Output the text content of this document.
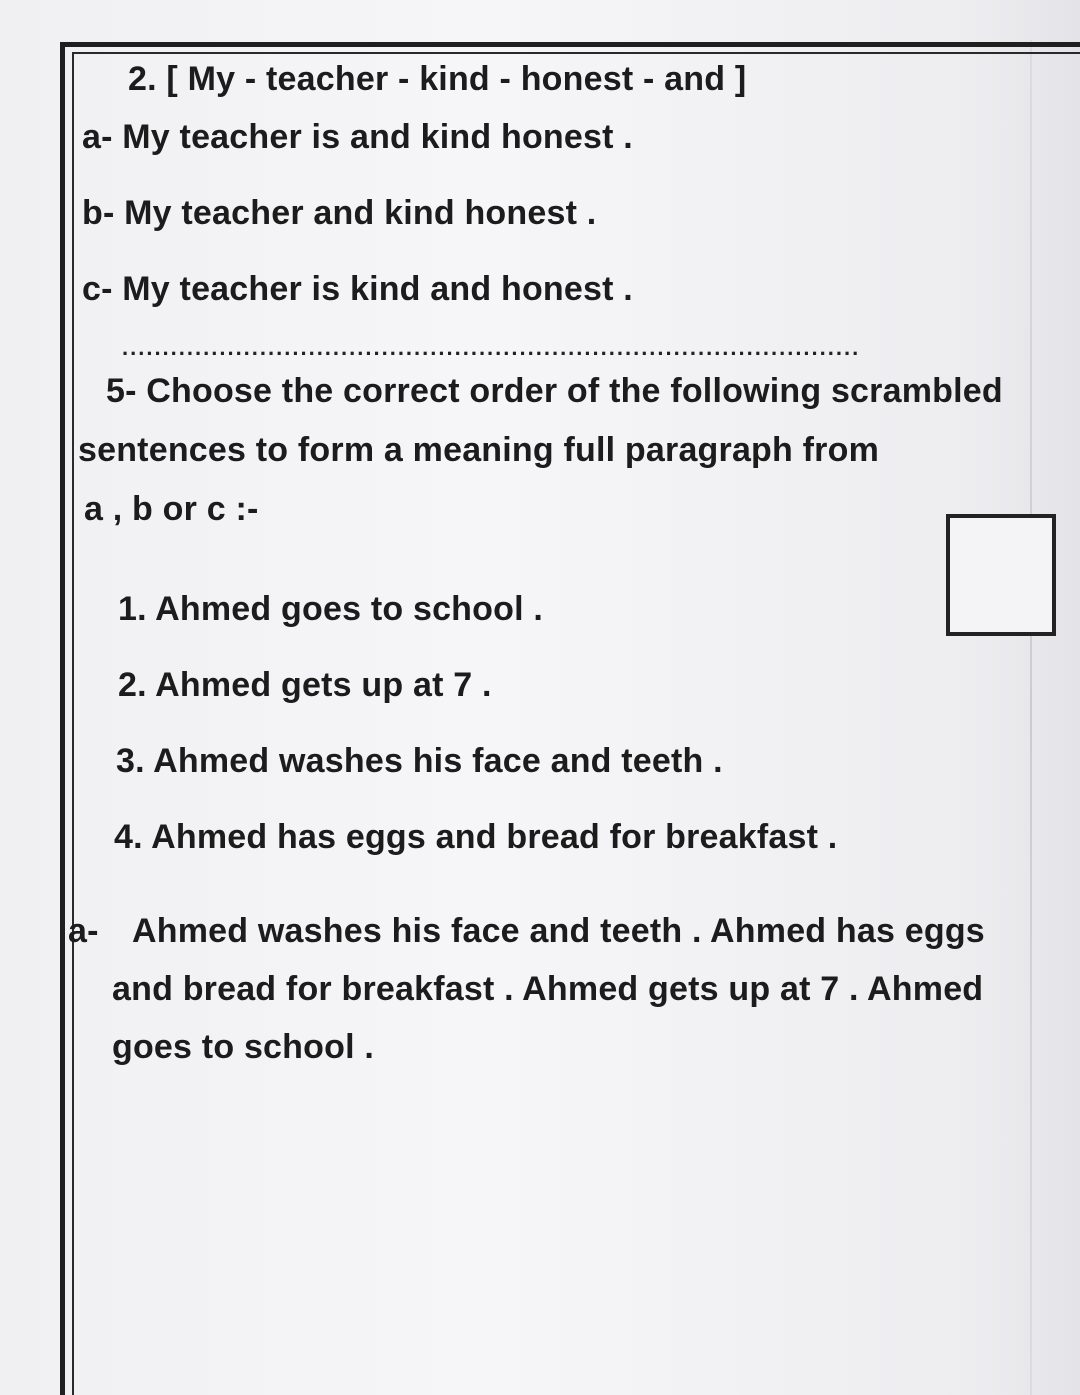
2. [ My - teacher - kind - honest - and ]
a- My teacher is and kind honest .
b- My teacher and kind honest .
c- My teacher is kind and honest .
...........................................................................................
5- Choose the correct order of the following scrambled
sentences to form a meaning full paragraph from
a , b or c :-
1. Ahmed goes to school .
2. Ahmed gets up at 7 .
3. Ahmed washes his face and teeth .
4. Ahmed has eggs and bread for breakfast .
a- Ahmed washes his face and teeth . Ahmed has eggs
and bread for breakfast . Ahmed gets up at 7 . Ahmed
goes to school .
